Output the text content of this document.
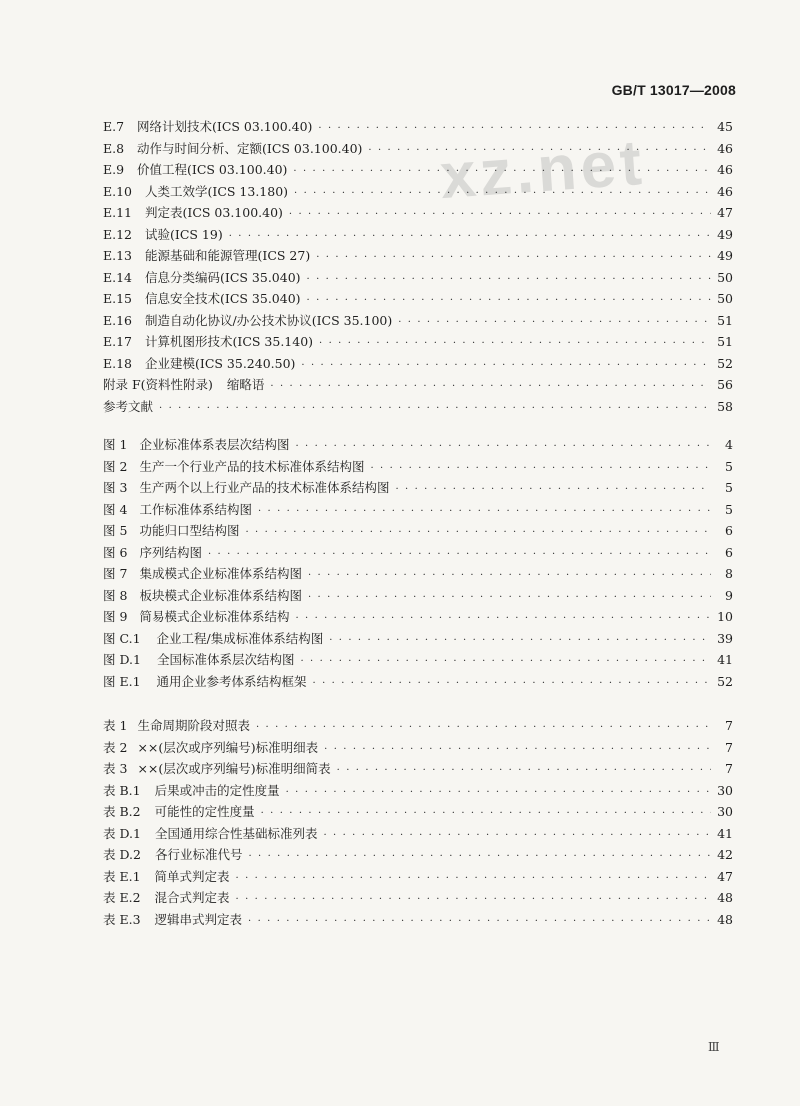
GB/T 13017—2008
xz.net
E.7	网络计划技术(ICS 03.100.40) · · ·	45
E.8	动作与时间分析、定额(ICS 03.100.40) · · ·	46
E.9	价值工程(ICS 03.100.40) · · ·	46
E.10	人类工效学(ICS 13.180) · · ·	46
E.11	判定表(ICS 03.100.40) · · ·	47
E.12	试验(ICS 19) · · ·	49
E.13	能源基础和能源管理(ICS 27) · · ·	49
E.14	信息分类编码(ICS 35.040) · · ·	50
E.15	信息安全技术(ICS 35.040) · · ·	50
E.16	制造自动化协议/办公技术协议(ICS 35.100) · · ·	51
E.17	计算机图形技术(ICS 35.140) · · ·	51
E.18	企业建模(ICS 35.240.50) · · ·	52
附录 F(资料性附录) 缩略语 · · ·	56
参考文献 · · ·	58
图 1 企业标准体系表层次结构图 · · ·	4
图 2 生产一个行业产品的技术标准体系结构图 · · ·	5
图 3 生产两个以上行业产品的技术标准体系结构图 · · ·	5
图 4 工作标准体系结构图 · · ·	5
图 5 功能归口型结构图 · · ·	6
图 6 序列结构图 · · ·	6
图 7 集成模式企业标准体系结构图 · · ·	8
图 8 板块模式企业标准体系结构图 · · ·	9
图 9 简易模式企业标准体系结构 · · ·	10
图 C.1 企业工程/集成标准体系结构图 · · ·	39
图 D.1 全国标准体系层次结构图 · · ·	41
图 E.1 通用企业参考体系结构框架 · · ·	52
表 1 生命周期阶段对照表 · · ·	7
表 2 ××(层次或序列编号)标准明细表 · · ·	7
表 3 ××(层次或序列编号)标准明细简表 · · ·	7
表 B.1 后果或冲击的定性度量 · · ·	30
表 B.2 可能性的定性度量 · · ·	30
表 D.1 全国通用综合性基础标准列表 · · ·	41
表 D.2 各行业标准代号 · · ·	42
表 E.1 简单式判定表 · · ·	47
表 E.2 混合式判定表 · · ·	48
表 E.3 逻辑串式判定表 · · ·	48
Ⅲ
